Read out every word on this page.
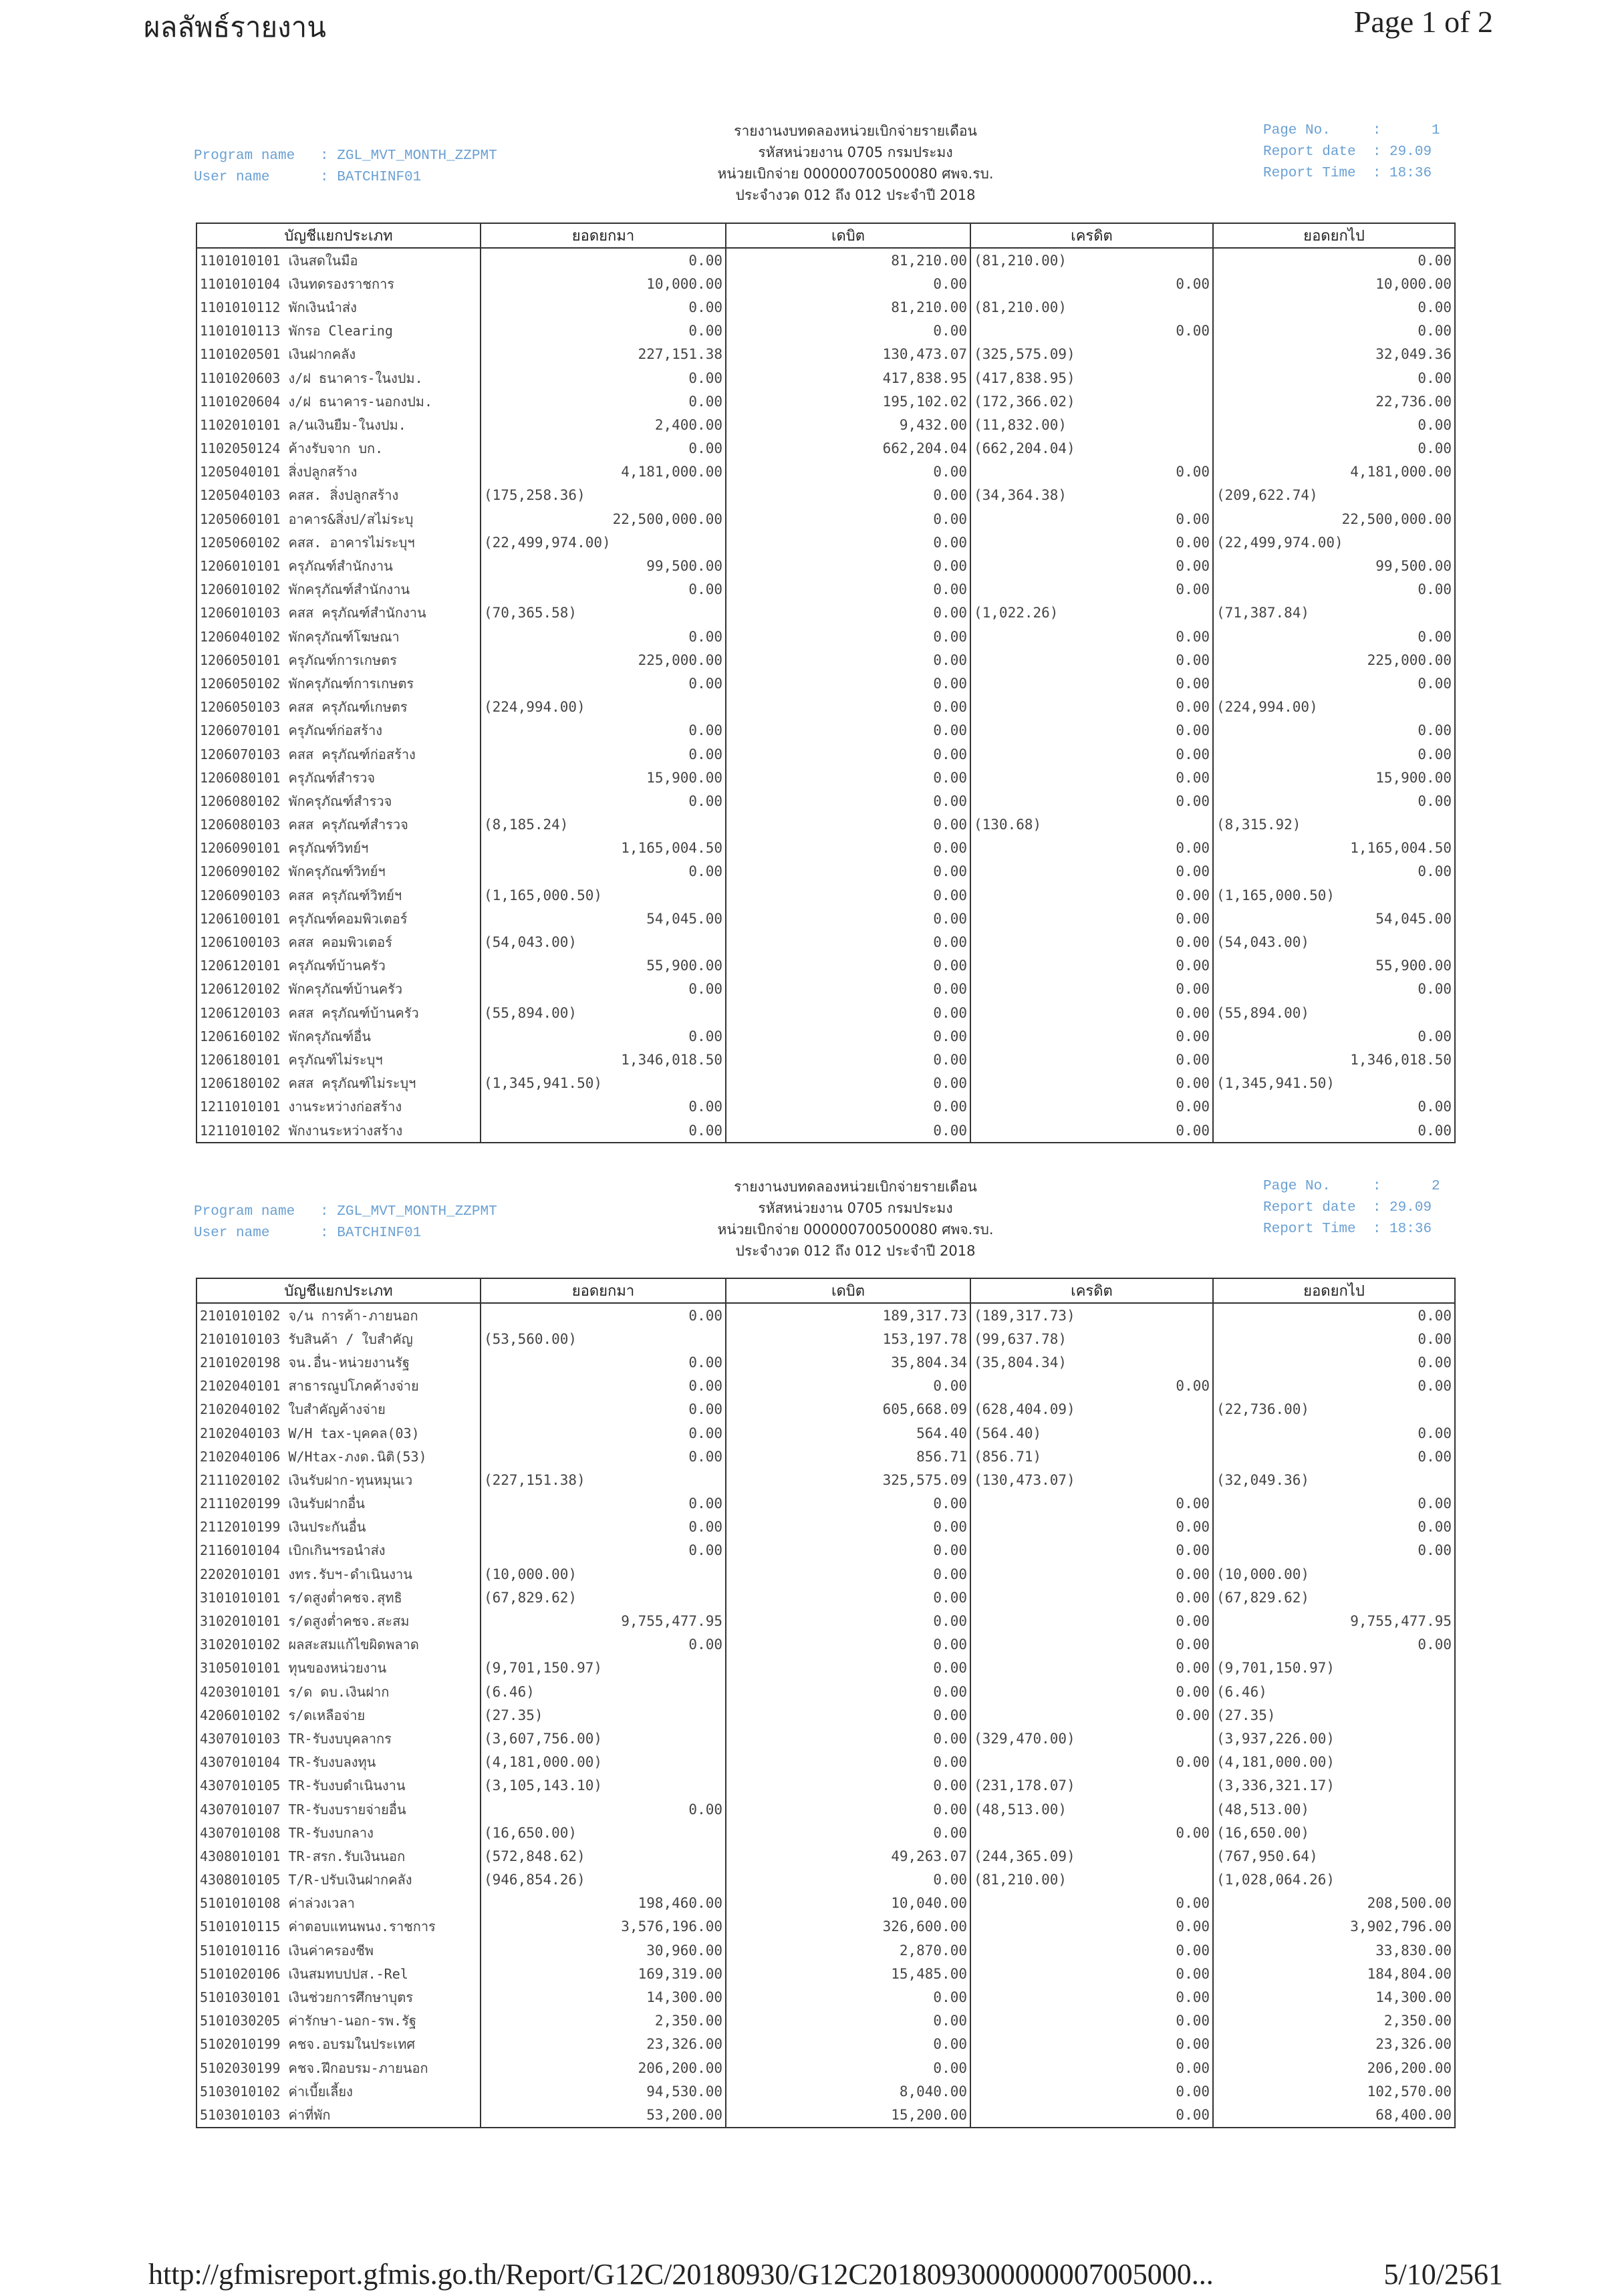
ผลลัพธ์รายงาน	Page 1 of 2
Program name   : ZGL_MVT_MONTH_ZZPMT
User name      : BATCHINF01
รายงานงบทดลองหน่วยเบิกจ่ายรายเดือน
รหัสหน่วยงาน 0705 กรมประมง
หน่วยเบิกจ่าย 000000700500080 ศพจ.รบ.
ประจำงวด 012 ถึง 012 ประจำปี 2018
Page No.     :      1
Report date  : 29.09
Report Time  : 18:36
บัญชีแยกประเภท	ยอดยกมา	เดบิต	เครดิต	ยอดยกไป
1101010101 เงินสดในมือ	0.00	81,210.00	(81,210.00)	0.00
1101010104 เงินทดรองราชการ	10,000.00	0.00	0.00	10,000.00
1101010112 พักเงินนำส่ง	0.00	81,210.00	(81,210.00)	0.00
1101010113 พักรอ Clearing	0.00	0.00	0.00	0.00
1101020501 เงินฝากคลัง	227,151.38	130,473.07	(325,575.09)	32,049.36
1101020603 ง/ฝ ธนาคาร-ในงปม.	0.00	417,838.95	(417,838.95)	0.00
1101020604 ง/ฝ ธนาคาร-นอกงปม.	0.00	195,102.02	(172,366.02)	22,736.00
1102010101 ล/นเงินยืม-ในงปม.	2,400.00	9,432.00	(11,832.00)	0.00
1102050124 ค้างรับจาก บก.	0.00	662,204.04	(662,204.04)	0.00
1205040101 สิ่งปลูกสร้าง	4,181,000.00	0.00	0.00	4,181,000.00
1205040103 คสส. สิ่งปลูกสร้าง	(175,258.36)	0.00	(34,364.38)	(209,622.74)
1205060101 อาคาร&สิ่งป/สไม่ระบุ	22,500,000.00	0.00	0.00	22,500,000.00
1205060102 คสส. อาคารไม่ระบุฯ	(22,499,974.00)	0.00	0.00	(22,499,974.00)
1206010101 ครุภัณฑ์สำนักงาน	99,500.00	0.00	0.00	99,500.00
1206010102 พักครุภัณฑ์สำนักงาน	0.00	0.00	0.00	0.00
1206010103 คสส ครุภัณฑ์สำนักงาน	(70,365.58)	0.00	(1,022.26)	(71,387.84)
1206040102 พักครุภัณฑ์โฆษณา	0.00	0.00	0.00	0.00
1206050101 ครุภัณฑ์การเกษตร	225,000.00	0.00	0.00	225,000.00
1206050102 พักครุภัณฑ์การเกษตร	0.00	0.00	0.00	0.00
1206050103 คสส ครุภัณฑ์เกษตร	(224,994.00)	0.00	0.00	(224,994.00)
1206070101 ครุภัณฑ์ก่อสร้าง	0.00	0.00	0.00	0.00
1206070103 คสส ครุภัณฑ์ก่อสร้าง	0.00	0.00	0.00	0.00
1206080101 ครุภัณฑ์สำรวจ	15,900.00	0.00	0.00	15,900.00
1206080102 พักครุภัณฑ์สำรวจ	0.00	0.00	0.00	0.00
1206080103 คสส ครุภัณฑ์สำรวจ	(8,185.24)	0.00	(130.68)	(8,315.92)
1206090101 ครุภัณฑ์วิทย์ฯ	1,165,004.50	0.00	0.00	1,165,004.50
1206090102 พักครุภัณฑ์วิทย์ฯ	0.00	0.00	0.00	0.00
1206090103 คสส ครุภัณฑ์วิทย์ฯ	(1,165,000.50)	0.00	0.00	(1,165,000.50)
1206100101 ครุภัณฑ์คอมพิวเตอร์	54,045.00	0.00	0.00	54,045.00
1206100103 คสส คอมพิวเตอร์	(54,043.00)	0.00	0.00	(54,043.00)
1206120101 ครุภัณฑ์บ้านครัว	55,900.00	0.00	0.00	55,900.00
1206120102 พักครุภัณฑ์บ้านครัว	0.00	0.00	0.00	0.00
1206120103 คสส ครุภัณฑ์บ้านครัว	(55,894.00)	0.00	0.00	(55,894.00)
1206160102 พักครุภัณฑ์อื่น	0.00	0.00	0.00	0.00
1206180101 ครุภัณฑ์ไม่ระบุฯ	1,346,018.50	0.00	0.00	1,346,018.50
1206180102 คสส ครุภัณฑ์ไม่ระบุฯ	(1,345,941.50)	0.00	0.00	(1,345,941.50)
1211010101 งานระหว่างก่อสร้าง	0.00	0.00	0.00	0.00
1211010102 พักงานระหว่างสร้าง	0.00	0.00	0.00	0.00
Program name   : ZGL_MVT_MONTH_ZZPMT
User name      : BATCHINF01
รายงานงบทดลองหน่วยเบิกจ่ายรายเดือน
รหัสหน่วยงาน 0705 กรมประมง
หน่วยเบิกจ่าย 000000700500080 ศพจ.รบ.
ประจำงวด 012 ถึง 012 ประจำปี 2018
Page No.     :      2
Report date  : 29.09
Report Time  : 18:36
บัญชีแยกประเภท	ยอดยกมา	เดบิต	เครดิต	ยอดยกไป
2101010102 จ/น การค้า-ภายนอก	0.00	189,317.73	(189,317.73)	0.00
2101010103 รับสินค้า / ใบสำคัญ	(53,560.00)	153,197.78	(99,637.78)	0.00
2101020198 จน.อื่น-หน่วยงานรัฐ	0.00	35,804.34	(35,804.34)	0.00
2102040101 สาธารณูปโภคค้างจ่าย	0.00	0.00	0.00	0.00
2102040102 ใบสำคัญค้างจ่าย	0.00	605,668.09	(628,404.09)	(22,736.00)
2102040103 W/H tax-บุคคล(03)	0.00	564.40	(564.40)	0.00
2102040106 W/Htax-ภงด.นิติ(53)	0.00	856.71	(856.71)	0.00
2111020102 เงินรับฝาก-ทุนหมุนเว	(227,151.38)	325,575.09	(130,473.07)	(32,049.36)
2111020199 เงินรับฝากอื่น	0.00	0.00	0.00	0.00
2112010199 เงินประกันอื่น	0.00	0.00	0.00	0.00
2116010104 เบิกเกินฯรอนำส่ง	0.00	0.00	0.00	0.00
2202010101 งทร.รับฯ-ดำเนินงาน	(10,000.00)	0.00	0.00	(10,000.00)
3101010101 ร/ดสูงต่ำคชจ.สุทธิ	(67,829.62)	0.00	0.00	(67,829.62)
3102010101 ร/ดสูงต่ำคชจ.สะสม	9,755,477.95	0.00	0.00	9,755,477.95
3102010102 ผลสะสมแก้ไขผิดพลาด	0.00	0.00	0.00	0.00
3105010101 ทุนของหน่วยงาน	(9,701,150.97)	0.00	0.00	(9,701,150.97)
4203010101 ร/ด ดบ.เงินฝาก	(6.46)	0.00	0.00	(6.46)
4206010102 ร/ดเหลือจ่าย	(27.35)	0.00	0.00	(27.35)
4307010103 TR-รับงบบุคลากร	(3,607,756.00)	0.00	(329,470.00)	(3,937,226.00)
4307010104 TR-รับงบลงทุน	(4,181,000.00)	0.00	0.00	(4,181,000.00)
4307010105 TR-รับงบดำเนินงาน	(3,105,143.10)	0.00	(231,178.07)	(3,336,321.17)
4307010107 TR-รับงบรายจ่ายอื่น	0.00	0.00	(48,513.00)	(48,513.00)
4307010108 TR-รับงบกลาง	(16,650.00)	0.00	0.00	(16,650.00)
4308010101 TR-สรก.รับเงินนอก	(572,848.62)	49,263.07	(244,365.09)	(767,950.64)
4308010105 T/R-ปรับเงินฝากคลัง	(946,854.26)	0.00	(81,210.00)	(1,028,064.26)
5101010108 ค่าล่วงเวลา	198,460.00	10,040.00	0.00	208,500.00
5101010115 ค่าตอบแทนพนง.ราชการ	3,576,196.00	326,600.00	0.00	3,902,796.00
5101010116 เงินค่าครองชีพ	30,960.00	2,870.00	0.00	33,830.00
5101020106 เงินสมทบปปส.-Rel	169,319.00	15,485.00	0.00	184,804.00
5101030101 เงินช่วยการศึกษาบุตร	14,300.00	0.00	0.00	14,300.00
5101030205 ค่ารักษา-นอก-รพ.รัฐ	2,350.00	0.00	0.00	2,350.00
5102010199 คชจ.อบรมในประเทศ	23,326.00	0.00	0.00	23,326.00
5102030199 คชจ.ฝึกอบรม-ภายนอก	206,200.00	0.00	0.00	206,200.00
5103010102 ค่าเบี้ยเลี้ยง	94,530.00	8,040.00	0.00	102,570.00
5103010103 ค่าที่พัก	53,200.00	15,200.00	0.00	68,400.00
http://gfmisreport.gfmis.go.th/Report/G12C/20180930/G12C2018093000000007005000...	5/10/2561
